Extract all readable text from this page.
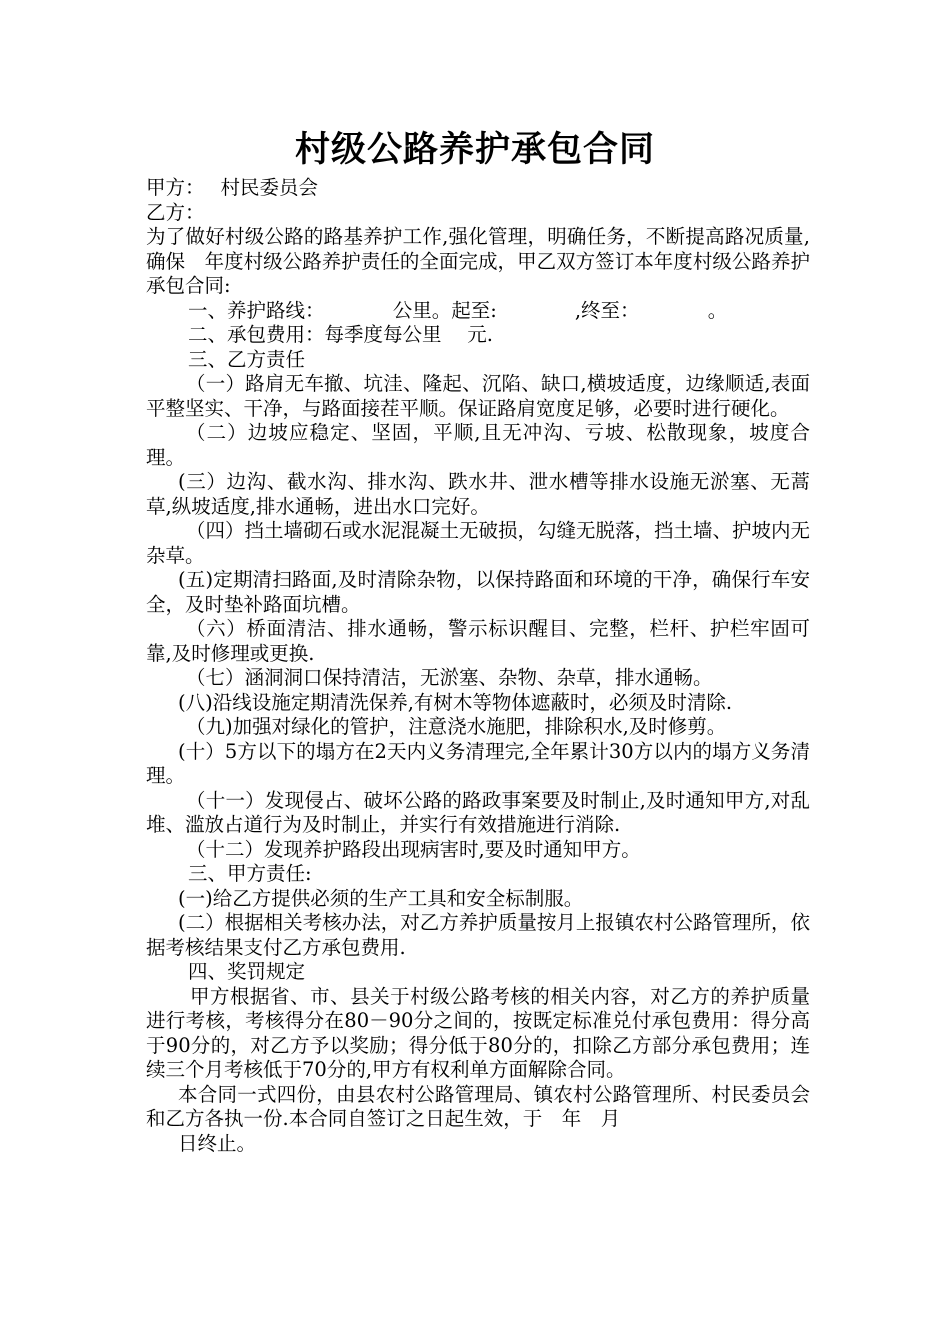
村级公路养护承包合同

甲方：　 村民委员会

乙方：

为了做好村级公路的路基养护工作,强化管理，明确任务，不断提高路况质量,确保　年度村级公路养护责任的全面完成，甲乙双方签订本年度村级公路养护承包合同:

一、养护路线：　　　　公里。起至:　　　　,终至：　　　　。

二、承包费用：每季度每公里　 元.

三、乙方责任

（一）路肩无车撤、坑洼、隆起、沉陷、缺口,横坡适度，边缘顺适,表面平整坚实、干净，与路面接茬平顺。保证路肩宽度足够，必要时进行硬化。

（二）边坡应稳定、坚固，平顺,且无冲沟、亏坡、松散现象，坡度合理。

(三）边沟、截水沟、排水沟、跌水井、泄水槽等排水设施无淤塞、无蒿草,纵坡适度,排水通畅，进出水口完好。

（四）挡土墙砌石或水泥混凝土无破损，勾缝无脱落，挡土墙、护坡内无杂草。

(五)定期清扫路面,及时清除杂物，以保持路面和环境的干净，确保行车安全，及时垫补路面坑槽。

（六）桥面清洁、排水通畅，警示标识醒目、完整，栏杆、护栏牢固可靠,及时修理或更换.

（七）涵洞洞口保持清洁，无淤塞、杂物、杂草，排水通畅。

(八)沿线设施定期清洗保养,有树木等物体遮蔽时，必须及时清除.

（九)加强对绿化的管护，注意浇水施肥，排除积水,及时修剪。

(十）5方以下的塌方在2天内义务清理完,全年累计30方以内的塌方义务清理。

（十一）发现侵占、破坏公路的路政事案要及时制止,及时通知甲方,对乱堆、滥放占道行为及时制止，并实行有效措施进行消除.

（十二）发现养护路段出现病害时,要及时通知甲方。

三、甲方责任:

(一)给乙方提供必须的生产工具和安全标制服。

(二）根据相关考核办法，对乙方养护质量按月上报镇农村公路管理所，依据考核结果支付乙方承包费用.

四、奖罚规定

甲方根据省、市、县关于村级公路考核的相关内容，对乙方的养护质量进行考核，考核得分在80－90分之间的，按既定标准兑付承包费用：得分高于90分的，对乙方予以奖励；得分低于80分的，扣除乙方部分承包费用；连续三个月考核低于70分的,甲方有权利单方面解除合同。

本合同一式四份，由县农村公路管理局、镇农村公路管理所、村民委员会和乙方各执一份.本合同自签订之日起生效，于　年　月

日终止。
